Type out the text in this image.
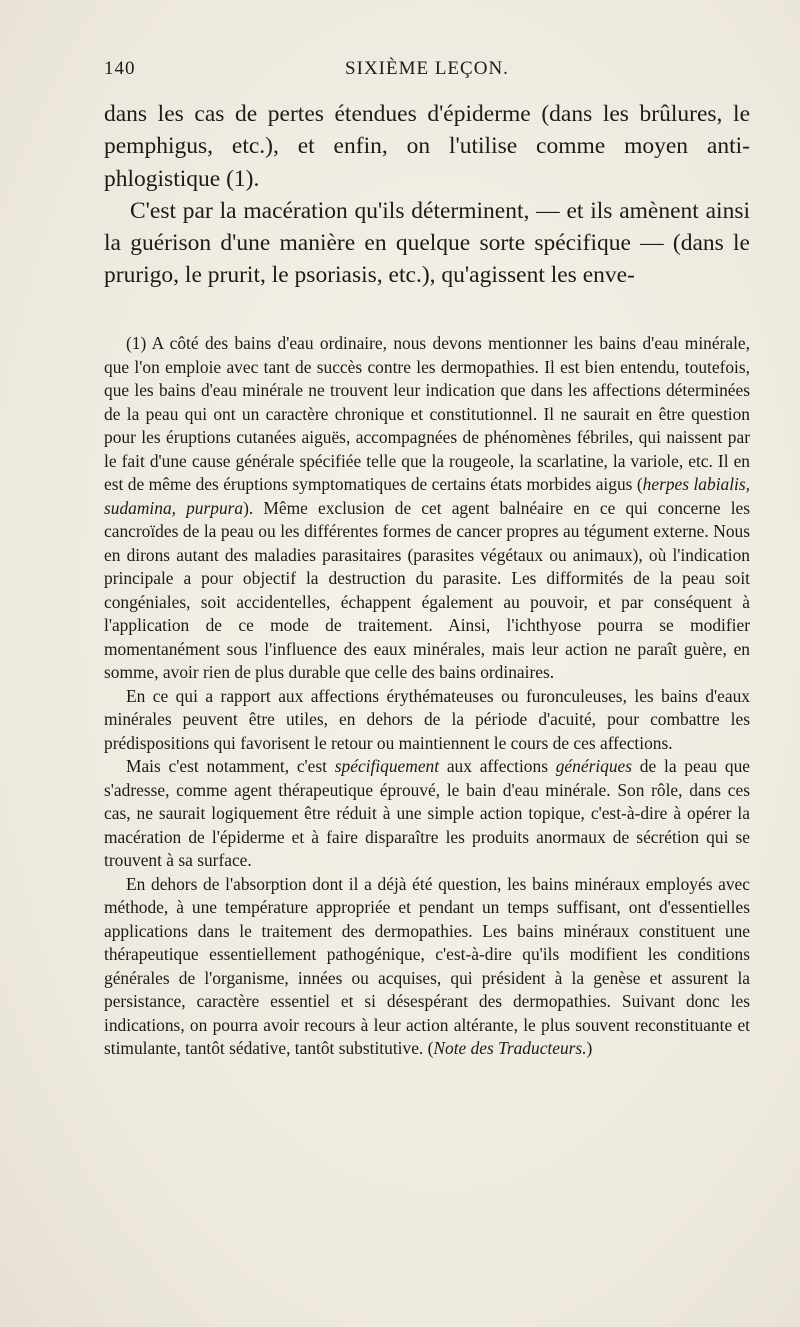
140	SIXIÈME LEÇON.

dans les cas de pertes étendues d'épiderme (dans les brûlures, le pemphigus, etc.), et enfin, on l'utilise comme moyen anti-phlogistique (1).

C'est par la macération qu'ils déterminent, — et ils amènent ainsi la guérison d'une manière en quelque sorte spécifique — (dans le prurigo, le prurit, le psoriasis, etc.), qu'agissent les enve-

(1) A côté des bains d'eau ordinaire, nous devons mentionner les bains d'eau minérale, que l'on emploie avec tant de succès contre les dermopathies. Il est bien entendu, toutefois, que les bains d'eau minérale ne trouvent leur indication que dans les affections déterminées de la peau qui ont un caractère chronique et constitutionnel. Il ne saurait en être question pour les éruptions cutanées aiguës, accompagnées de phénomènes fébriles, qui naissent par le fait d'une cause générale spécifiée telle que la rougeole, la scarlatine, la variole, etc. Il en est de même des éruptions symptomatiques de certains états morbides aigus (herpes labialis, sudamina, purpura). Même exclusion de cet agent balnéaire en ce qui concerne les cancroïdes de la peau ou les différentes formes de cancer propres au tégument externe. Nous en dirons autant des maladies parasitaires (parasites végétaux ou animaux), où l'indication principale a pour objectif la destruction du parasite. Les difformités de la peau soit congéniales, soit accidentelles, échappent également au pouvoir, et par conséquent à l'application de ce mode de traitement. Ainsi, l'ichthyose pourra se modifier momentanément sous l'influence des eaux minérales, mais leur action ne paraît guère, en somme, avoir rien de plus durable que celle des bains ordinaires.

En ce qui a rapport aux affections érythémateuses ou furonculeuses, les bains d'eaux minérales peuvent être utiles, en dehors de la période d'acuité, pour combattre les prédispositions qui favorisent le retour ou maintiennent le cours de ces affections.

Mais c'est notamment, c'est spécifiquement aux affections génériques de la peau que s'adresse, comme agent thérapeutique éprouvé, le bain d'eau minérale. Son rôle, dans ces cas, ne saurait logiquement être réduit à une simple action topique, c'est-à-dire à opérer la macération de l'épiderme et à faire disparaître les produits anormaux de sécrétion qui se trouvent à sa surface.

En dehors de l'absorption dont il a déjà été question, les bains minéraux employés avec méthode, à une température appropriée et pendant un temps suffisant, ont d'essentielles applications dans le traitement des dermopathies. Les bains minéraux constituent une thérapeutique essentiellement pathogénique, c'est-à-dire qu'ils modifient les conditions générales de l'organisme, innées ou acquises, qui président à la genèse et assurent la persistance, caractère essentiel et si désespérant des dermopathies. Suivant donc les indications, on pourra avoir recours à leur action altérante, le plus souvent reconstituante et stimulante, tantôt sédative, tantôt substitutive. (Note des Traducteurs.)
